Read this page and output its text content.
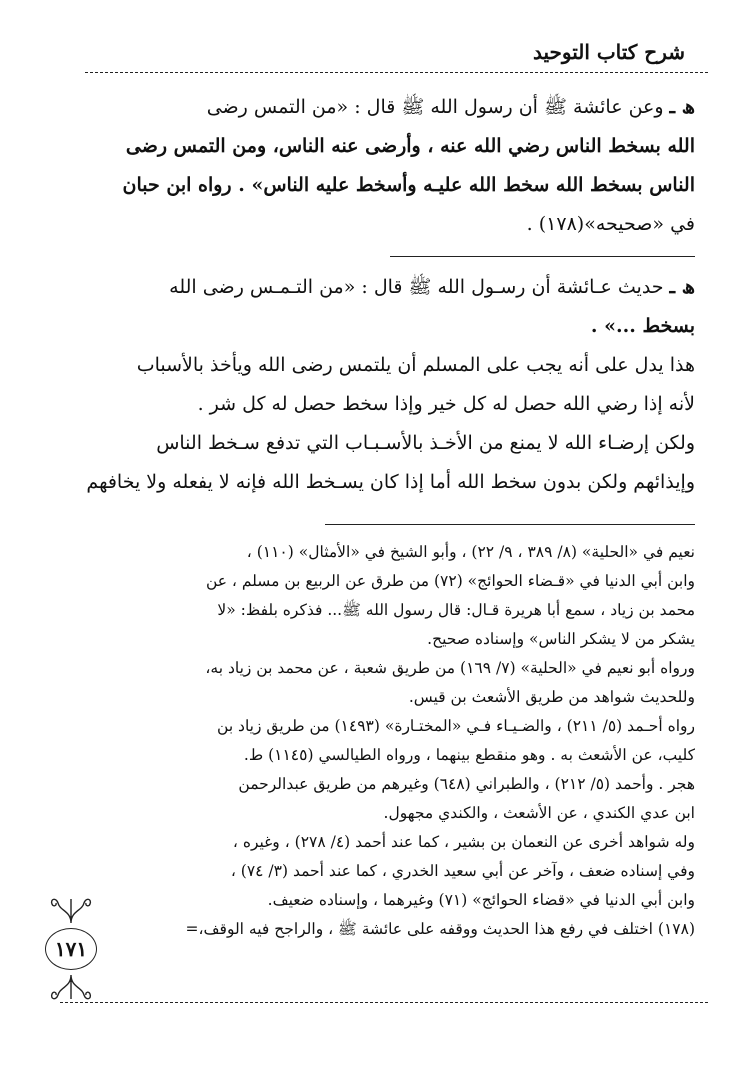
شرح كتاب التوحيد
ﮪ ـوعن عائشة ﷺ أن رسول الله ﷺ قال : «من التمس رضى
الله بسخط الناس رضي الله عنه ، وأرضى عنه الناس، ومن التمس رضى
الناس بسخط الله سخط الله عليـه وأسخط عليه الناس» . رواه ابن حبان
في «صحيحه»(١٧٨) .
ﮪ ـحديث عـائشة أن رسـول الله ﷺ قال : «من التـمـس رضى الله
بسخط ...» .
هذا يدل على أنه يجب على المسلم أن يلتمس رضى الله ويأخذ بالأسباب
لأنه إذا رضي الله حصل له كل خير وإذا سخط حصل له كل شر .
ولكن إرضـاء الله لا يمنع من الأخـذ بالأسـبـاب التي تدفع سـخط الناس
وإيذائهم ولكن بدون سخط الله أما إذا كان يسـخط الله فإنه لا يفعله ولا يخافهم
نعيم في «الحلية» (٨/ ٣٨٩ ، ٩/ ٢٢) ، وأبو الشيخ في «الأمثال» (١١٠) ،
وابن أبي الدنيا في «قـضاء الحوائج» (٧٢) من طرق عن الربيع بن مسلم ، عن
محمد بن زياد ، سمع أبا هريرة قـال: قال رسول الله ﷺ... فذكره بلفظ: «لا
يشكر من لا يشكر الناس» وإسناده صحيح.
ورواه أبو نعيم في «الحلية» (٧/ ١٦٩) من طريق شعبة ، عن محمد بن زياد به،
وللحديث شواهد من طريق الأشعث بن قيس.
رواه أحـمد (٥/ ٢١١) ، والضـيـاء فـي «المختـارة» (١٤٩٣) من طريق زياد بن
كليب، عن الأشعث به . وهو منقطع بينهما ، ورواه الطيالسي (١١٤٥) ط.
هجر . وأحمد (٥/ ٢١٢) ، والطبراني (٦٤٨) وغيرهم من طريق عبدالرحمن
ابن عدي الكندي ، عن الأشعث ، والكندي مجهول.
وله شواهد أخرى عن النعمان بن بشير ، كما عند أحمد (٤/ ٢٧٨) ، وغيره ،
وفي إسناده ضعف ، وآخر عن أبي سعيد الخدري ، كما عند أحمد (٣/ ٧٤) ،
وابن أبي الدنيا في «قضاء الحوائج» (٧١) وغيرهما ، وإسناده ضعيف.
(١٧٨) اختلف في رفع هذا الحديث ووقفه على عائشة ﷺ ، والراجح فيه الوقف،=
١٧١
